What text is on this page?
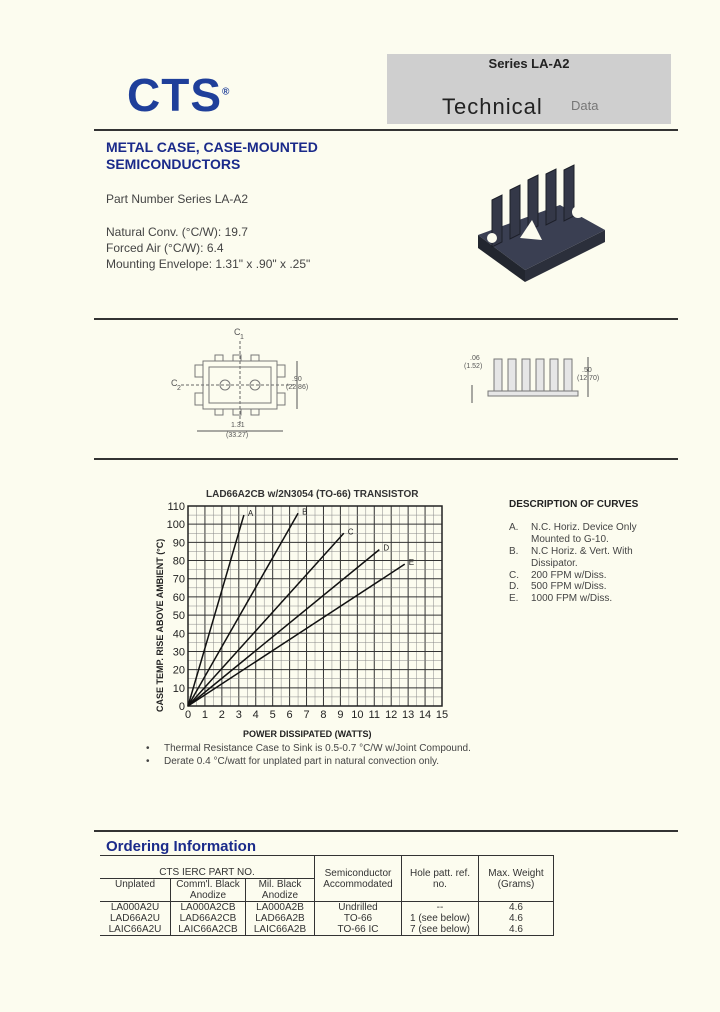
CTS®
Series LA-A2
Technical Data
METAL CASE, CASE-MOUNTED
SEMICONDUCTORS
Part Number Series LA-A2
Natural Conv. (°C/W): 19.7
Forced Air (°C/W): 6.4
Mounting Envelope: 1.31" x .90" x .25"
C
1
C
2
.90
(22.86)
1.31
(33.27)
.06
(1.52)
.50
(12.70)
LAD66A2CB w/2N3054 (TO-66) TRANSISTOR
0
10
20
30
40
50
60
70
80
90
100
110
0 1 2 3 4 5 6 7 8 9 10 11 12 13 14 15
A	B
C
D
E
POWER DISSIPATED (WATTS)
CASE TEMP. RISE ABOVE AMBIENT (°C)
DESCRIPTION OF CURVES
A. N.C. Horiz. Device Only
Mounted to G-10.
B. N.C Horiz. & Vert. With
Dissipator.
C. 200 FPM w/Diss.
D. 500 FPM w/Diss.
E. 1000 FPM w/Diss.
• Thermal Resistance Case to Sink is 0.5-0.7 °C/W w/Joint Compound.
• Derate 0.4 °C/watt for unplated part in natural convection only.
Ordering Information
CTS IERC PART NO.			Semiconductor Accommodated	Hole patt. ref. no.	Max. Weight (Grams)
Unplated	Comm'l. Black Anodize	Mil. Black Anodize			
LA000A2U	LA000A2CB	LA000A2B	Undrilled	--	4.6
LAD66A2U	LAD66A2CB	LAD66A2B	TO-66	1 (see below)	4.6
LAIC66A2U	LAIC66A2CB	LAIC66A2B	TO-66 IC	7 (see below)	4.6
